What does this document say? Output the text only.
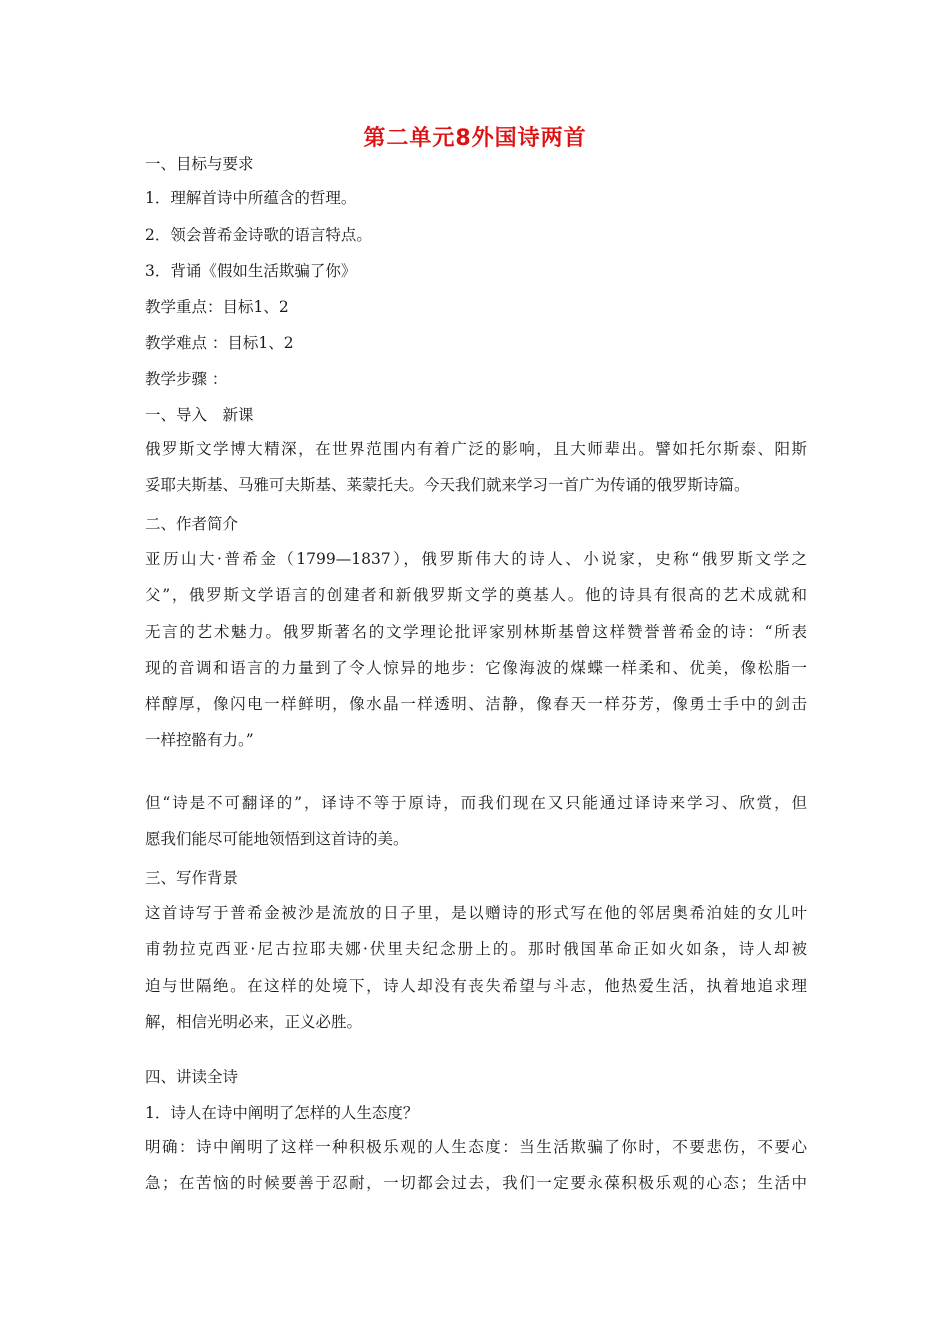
第二单元8外国诗两首
一、目标与要求
1．理解首诗中所蕴含的哲理。
2．领会普希金诗歌的语言特点。
3．背诵《假如生活欺骗了你》
教学重点：目标1、2
教学难点 ：目标1、2
教学步骤 ：
一、导入　新课
俄罗斯文学博大精深，在世界范围内有着广泛的影响，且大师辈出。譬如托尔斯泰、阳斯
妥耶夫斯基、马雅可夫斯基、莱蒙托夫。今天我们就来学习一首广为传诵的俄罗斯诗篇。
二、作者简介
亚历山大·普希金（1799—1837），俄罗斯伟大的诗人、小说家，史称“俄罗斯文学之
父”，俄罗斯文学语言的创建者和新俄罗斯文学的奠基人。他的诗具有很高的艺术成就和
无言的艺术魅力。俄罗斯著名的文学理论批评家别林斯基曾这样赞誉普希金的诗：“所表
现的音调和语言的力量到了令人惊异的地步：它像海波的煤蝶一样柔和、优美，像松脂一
样醇厚，像闪电一样鲜明，像水晶一样透明、洁静，像春天一样芬芳，像勇士手中的剑击
一样控骼有力。”
但“诗是不可翻译的”，译诗不等于原诗，而我们现在又只能通过译诗来学习、欣赏，但
愿我们能尽可能地领悟到这首诗的美。
三、写作背景
这首诗写于普希金被沙是流放的日子里，是以赠诗的形式写在他的邻居奥希泊娃的女儿叶
甫勃拉克西亚·尼古拉耶夫娜·伏里夫纪念册上的。那时俄国革命正如火如条，诗人却被
迫与世隔绝。在这样的处境下，诗人却没有丧失希望与斗志，他热爱生活，执着地追求理
解，相信光明必来，正义必胜。
四、讲读全诗
1．诗人在诗中阐明了怎样的人生态度？
明确：诗中阐明了这样一种积极乐观的人生态度：当生活欺骗了你时，不要悲伤，不要心
急；在苦恼的时候要善于忍耐，一切都会过去，我们一定要永葆积极乐观的心态；生活中
